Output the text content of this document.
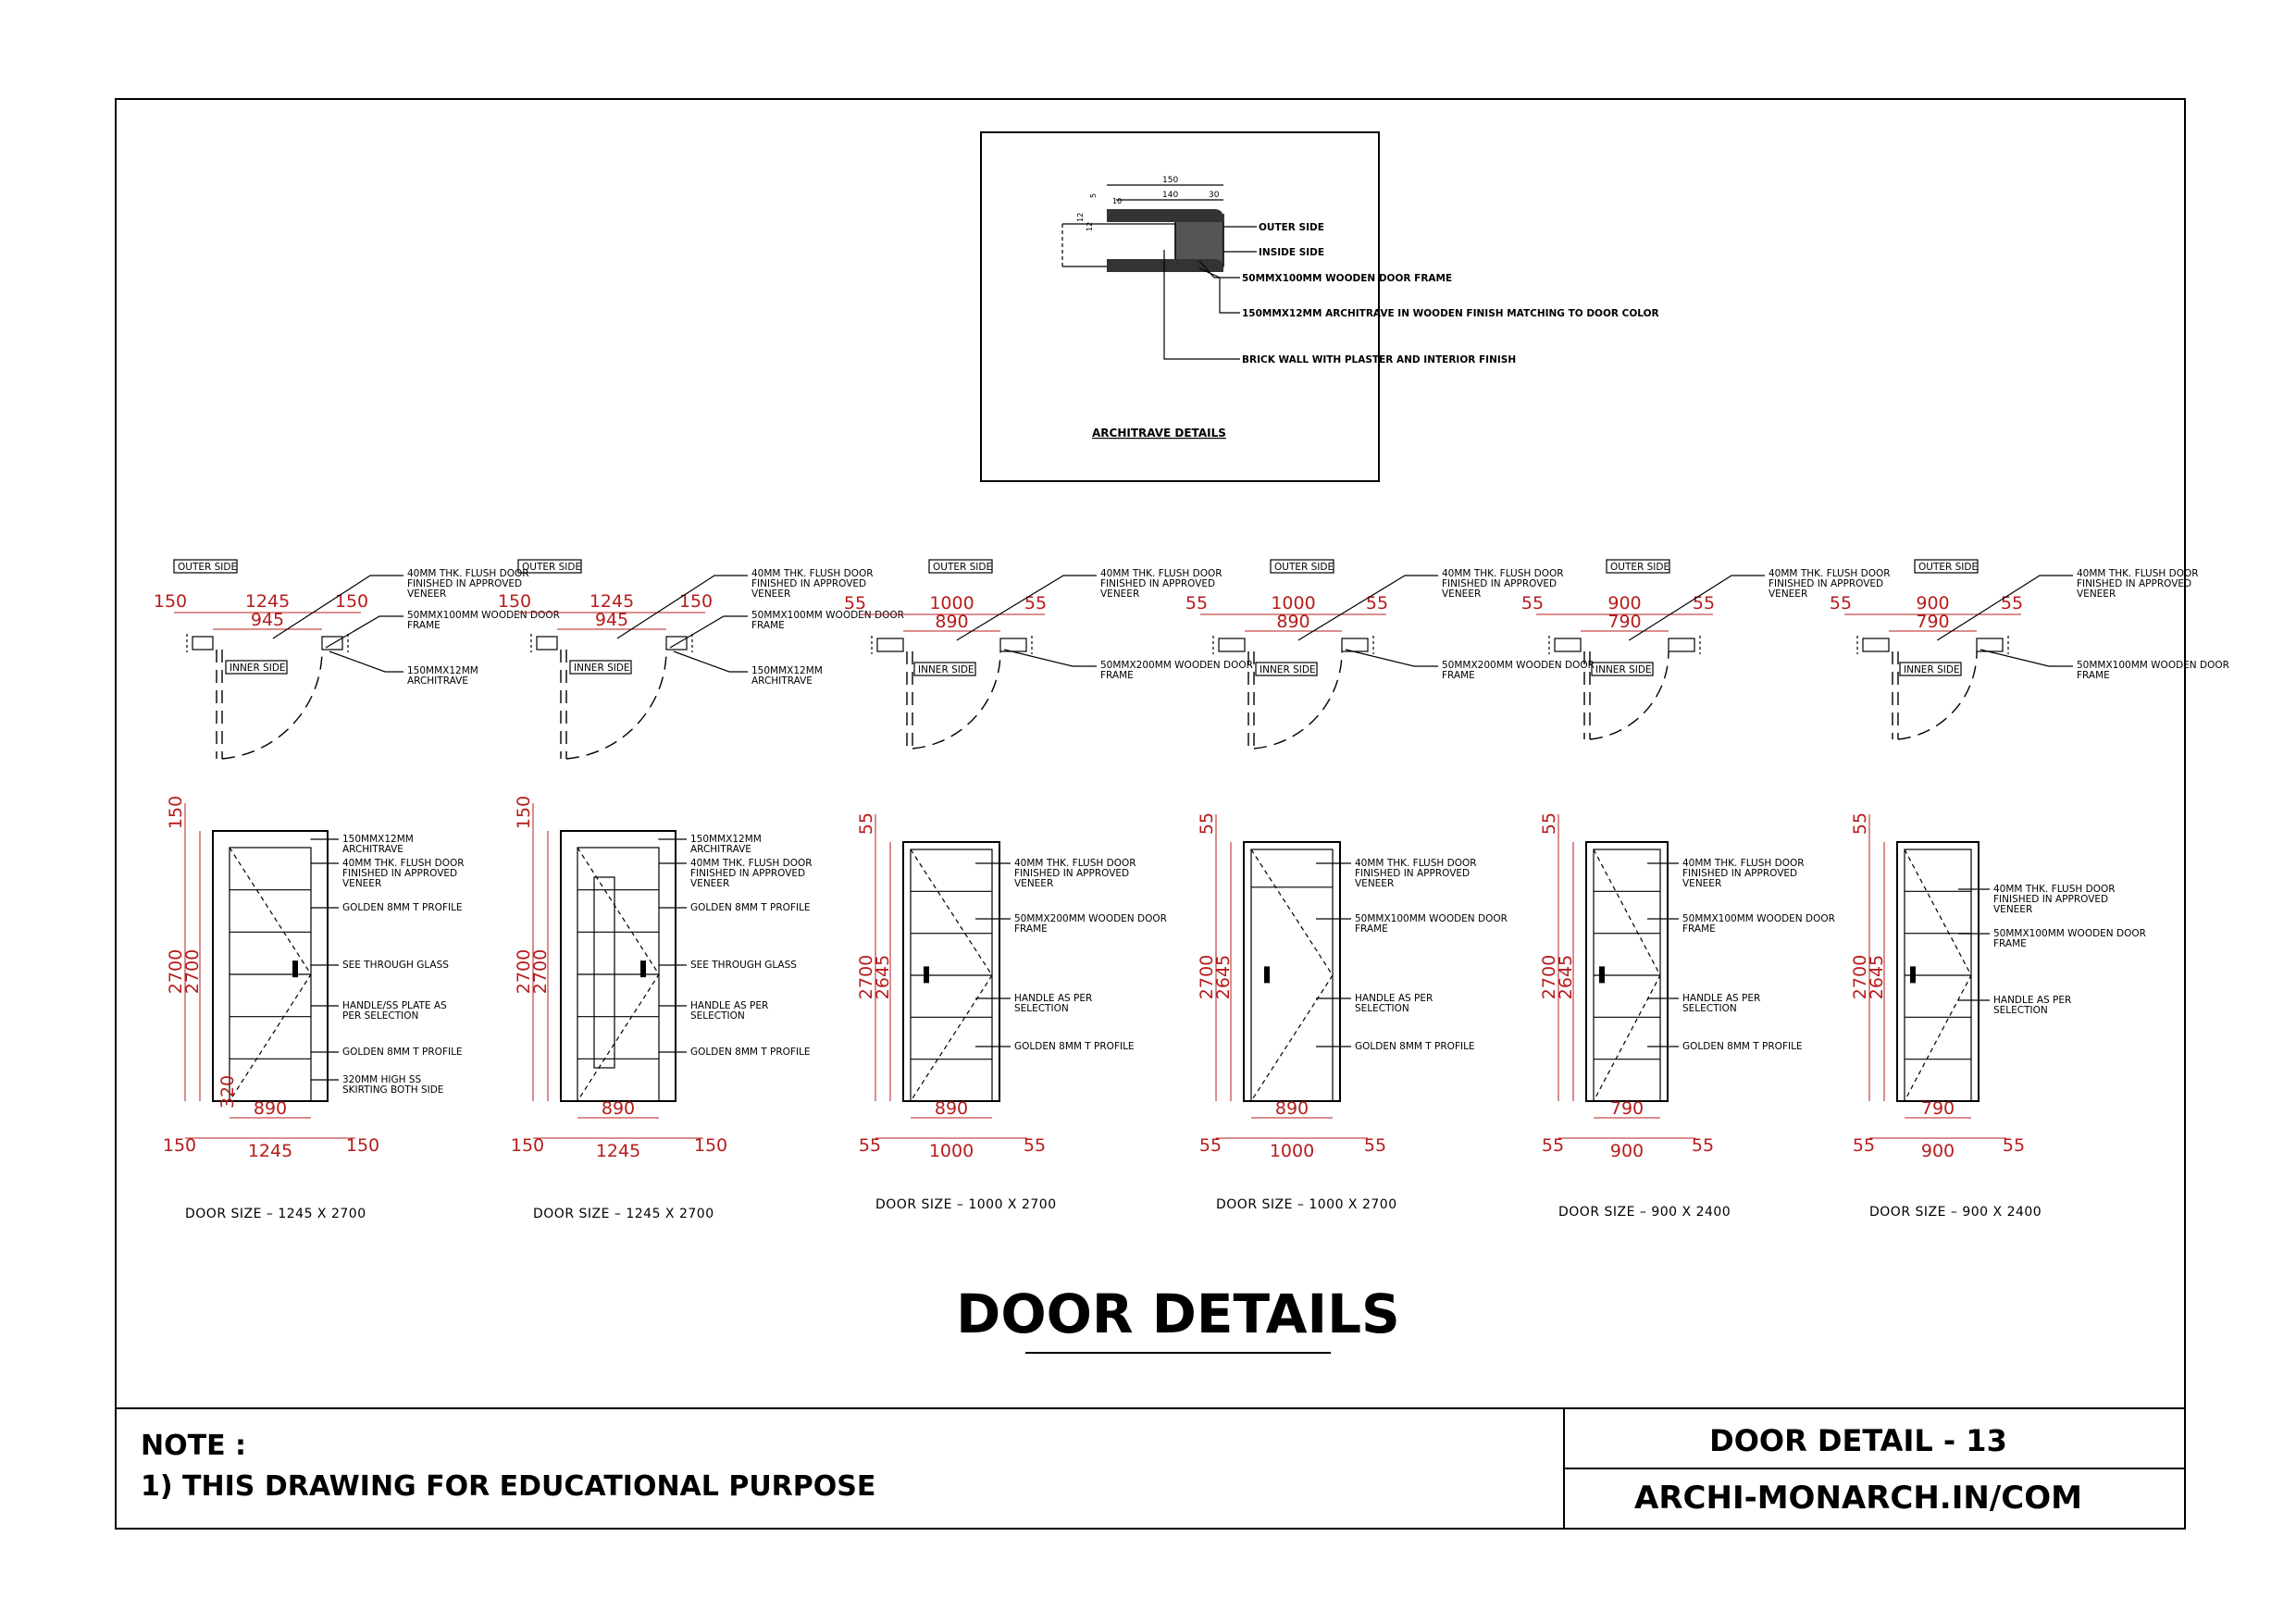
150
140	30
10
5
12
12	OUTER SIDE
INSIDE SIDE
50MMX100MM WOODEN DOOR FRAME
150MMX12MM ARCHITRAVE IN WOODEN FINISH MATCHING TO DOOR COLOR
BRICK WALL WITH PLASTER AND INTERIOR FINISH
ARCHITRAVE DETAILS
150	1245	150
945
OUTER SIDE
INNER SIDE
40MM THK. FLUSH DOOR
FINISHED IN APPROVED
VENEER
50MMX100MM WOODEN DOOR
FRAME
150MMX12MM
ARCHITRAVE
150	1245	150
945
OUTER SIDE
INNER SIDE
40MM THK. FLUSH DOOR
FINISHED IN APPROVED
VENEER
50MMX100MM WOODEN DOOR
FRAME
150MMX12MM
ARCHITRAVE
55	1000	55
890
OUTER SIDE
INNER SIDE
40MM THK. FLUSH DOOR
FINISHED IN APPROVED
VENEER
50MMX200MM WOODEN DOOR
FRAME
55	1000	55
890
OUTER SIDE
INNER SIDE
40MM THK. FLUSH DOOR
FINISHED IN APPROVED
VENEER
50MMX200MM WOODEN DOOR
FRAME
55	900	55
790
OUTER SIDE
INNER SIDE
40MM THK. FLUSH DOOR
FINISHED IN APPROVED
VENEER 55	900	55
790
OUTER SIDE
INNER SIDE
40MM THK. FLUSH DOOR
FINISHED IN APPROVED
VENEER
50MMX100MM WOODEN DOOR
FRAME
150
2700
2700
320 890
1245
150	150
150MMX12MM
ARCHITRAVE
40MM THK. FLUSH DOOR
FINISHED IN APPROVED
VENEER
GOLDEN 8MM T PROFILE
SEE THROUGH GLASS
HANDLE/SS PLATE AS
PER SELECTION
GOLDEN 8MM T PROFILE
320MM HIGH SS
SKIRTING BOTH SIDE
DOOR SIZE – 1245 X 2700
150
2700
2700
890
1245
150	150
150MMX12MM
ARCHITRAVE
40MM THK. FLUSH DOOR
FINISHED IN APPROVED
VENEER
GOLDEN 8MM T PROFILE
SEE THROUGH GLASS
HANDLE AS PER
SELECTION
GOLDEN 8MM T PROFILE
DOOR SIZE – 1245 X 2700
55
2700
2645
890
1000
55	55
40MM THK. FLUSH DOOR
FINISHED IN APPROVED
VENEER
50MMX200MM WOODEN DOOR
FRAME
HANDLE AS PER
SELECTION
GOLDEN 8MM T PROFILE
DOOR SIZE – 1000 X 2700
55
2700
2645
890
1000
55	55
40MM THK. FLUSH DOOR
FINISHED IN APPROVED
VENEER
50MMX100MM WOODEN DOOR
FRAME
HANDLE AS PER
SELECTION
GOLDEN 8MM T PROFILE
DOOR SIZE – 1000 X 2700
55
2700
2645
790
900
55	55
40MM THK. FLUSH DOOR
FINISHED IN APPROVED
VENEER
50MMX100MM WOODEN DOOR
FRAME
HANDLE AS PER
SELECTION
GOLDEN 8MM T PROFILE
DOOR SIZE – 900 X 2400
55
2700
2645
790
900
55	55
40MM THK. FLUSH DOOR
FINISHED IN APPROVED
VENEER
50MMX100MM WOODEN DOOR
FRAME
HANDLE AS PER
SELECTION
DOOR SIZE – 900 X 2400
DOOR DETAILS
NOTE :
1) THIS DRAWING FOR EDUCATIONAL PURPOSE
DOOR DETAIL - 13
ARCHI-MONARCH.IN/COM
